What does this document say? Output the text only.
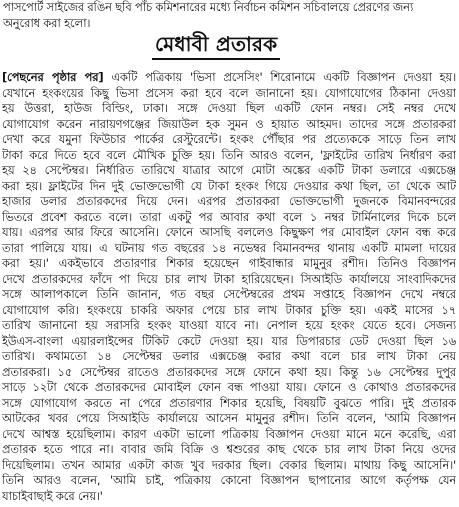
পাসপোর্ট সাইজের রঙিন ছবি পাঁচ কমিশনারের মধ্যে নির্বাচন কমিশন সচিবালয়ে প্রেরণের জন্য
অনুরোধ করা হলো।
মেধাবী প্রতারক
[পেছনের পৃষ্ঠার পর] একটি পত্রিকায় 'ভিসা প্রসেসিং' শিরোনামে একটি বিজ্ঞাপন দেওয়া হয়।
যেখানে হংকংয়ের কিছু ভিসা প্রসেস করা হবে বলে জানানো হয়। যোগাযোগের ঠিকানা দেওয়া
হয় উত্তরা, হাউজ বিল্ডিং, ঢাকা। সঙ্গে দেওয়া ছিল একটি ফোন নম্বর। সেই নম্বর দেখে
যোগাযোগ করেন নারায়ণগঞ্জের জিয়াউল হক সুমন ও হায়াত আহমদ। তাদের সঙ্গে প্রতারকরা
দেখা করে যমুনা ফিউচার পার্কের রেস্টুরেন্টে। হংকং পৌঁছার পর প্রত্যেককে সাড়ে তিন লাখ
টাকা করে দিতে হবে বলে মৌখিক চুক্তি হয়। তিনি আরও বলেন, 'ফ্লাইটের তারিখ নির্ধারণ করা
হয় ২৪ সেপ্টেম্বর। নির্ধারিত তারিখে যাত্রার আগে মোটা অঙ্কের একটি টাকা ডলারে এক্সচেঞ্জ
করা হয়। ফ্লাইটের দিন দুই ভোক্তভোগী যে টাকা হংকং গিয়ে দেওয়ার কথা ছিল, তা থেকে আট
হাজার ডলার প্রতারকদের দিয়ে দেন। এরপর প্রতারকরা ভোক্তভোগী দুজনকে বিমানবন্দরের
ভিতরে প্রবেশ করতে বলে। তারা একটু পর আবার কথা বলে ১ নম্বর টার্মিনালের দিকে চলে
যায়। এরপর আর ফিরে আসেনি। ফোনে আসছি বললেও কিছুক্ষণ পর মোবাইল ফোন বন্ধ করে
তারা পালিয়ে যায়। এ ঘটনায় গত বছরের ১৪ নভেম্বর বিমানবন্দর থানায় একটি মামলা দায়ের
করা হয়।' একইভাবে প্রতারণার শিকার হয়েছেন গাইবান্ধার মামুনুর রশীদ। তিনিও বিজ্ঞাপন
দেখে প্রতারকদের ফাঁদে পা দিয়ে চার লাখ টাকা হারিয়েছেন। সিআইডি কার্যালয়ে সাংবাদিকদের
সঙ্গে আলাপকালে তিনি জানান, গত বছর সেপ্টেম্বরের প্রথম সপ্তাহে বিজ্ঞাপন দেখে নম্বরে
যোগাযোগ করি। হংকংয়ে চাকরি অফার পেয়ে চার লাখ টাকার চুক্তি হয়। একই মাসের ১৭
তারিখ জানানো হয় সরাসরি হংকং যাওয়া যাবে না। নেপাল হয়ে হংকং যেতে হবে। সেজন্য
ইউএস-বাংলা এয়ারলাইন্সের টিকিট কেটে দেওয়া হয়। যার ডিপারচার ডেট দেওয়া ছিল ১৬
তারিখ। কথামতো ১৪ সেপ্টেম্বর ডলার এক্সচেঞ্জ করার কথা বলে চার লাখ টাকা নেয়
প্রতারকরা। ১৫ সেপ্টেম্বর রাতেও প্রতারকদের সঙ্গে ফোনে কথা হয়। কিন্তু ১৬ সেপ্টেম্বর দুপুর
সাড়ে ১২টা থেকে প্রতারকদের মোবাইল ফোন বন্ধ পাওয়া যায়। ফোনে ও কোথাও প্রতারকদের
সঙ্গে যোগাযোগ করতে না পেরে প্রতারণার শিকার হয়েছি, বিষয়টি বুঝতে পারি। দুই প্রতারক
আটকের খবর পেয়ে সিআইডি কার্যালয়ে আসেন মামুনুর রশীদ। তিনি বলেন, 'আমি বিজ্ঞাপন
দেখে আশ্বস্ত হয়েছিলাম। কারণ একটা ভালো পত্রিকায় বিজ্ঞাপন দেওয়া মানে মনে করেছি, এরা
প্রতারক হতে পারে না। বাবার জমি বিক্রি ও শ্বশুরের কাছ থেকে চার লাখ টাকা নিয়ে ওদের
দিয়েছিলাম। তখন আমার একটা কাজ খুব দরকার ছিল। বেকার ছিলাম। মাথায় কিছু আসেনি।'
তিনি আরও বলেন, 'আমি চাই, পত্রিকায় কোনো বিজ্ঞাপন ছাপানোর আগে কর্তৃপক্ষ যেন
যাচাইবাছাই করে নেয়।'
